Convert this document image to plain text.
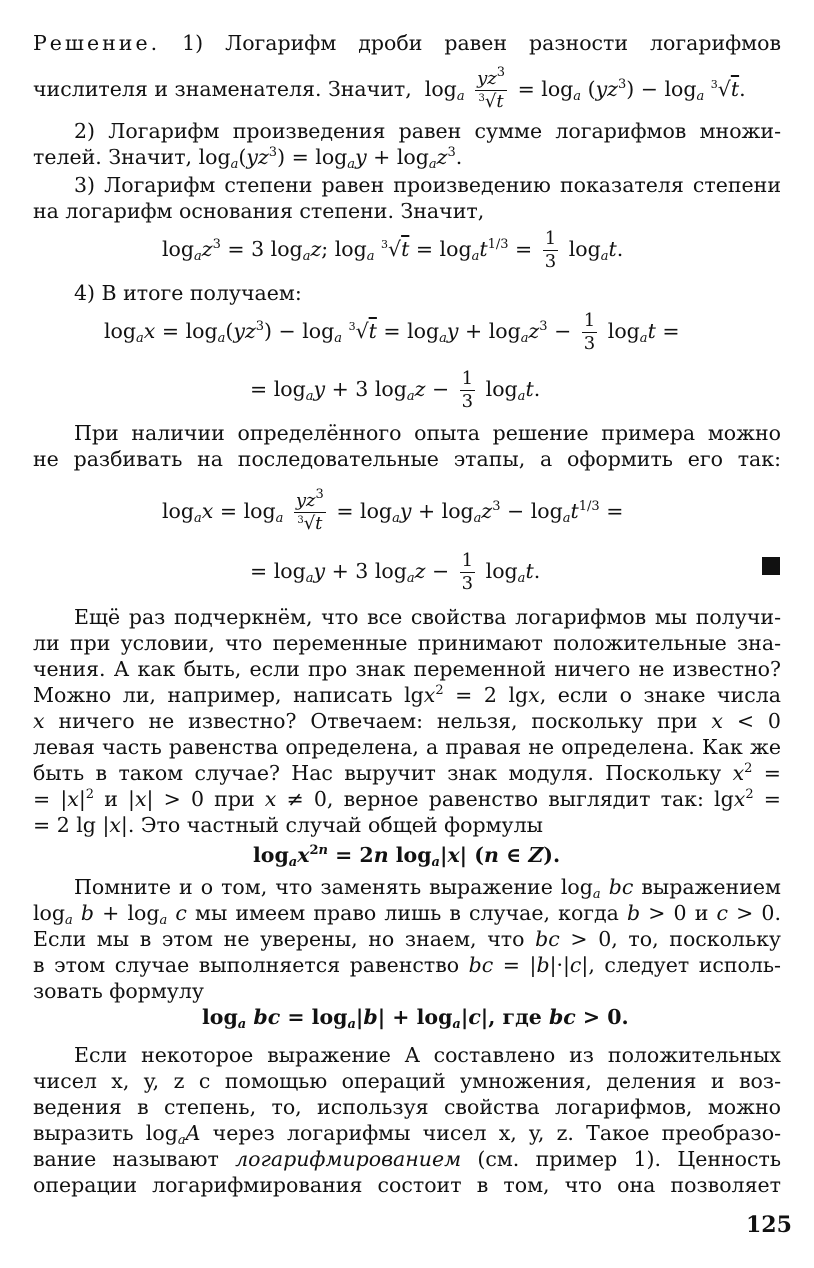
Решение. 1) Логарифм дроби равен разности логарифмов
числителя и знаменателя. Значит,  $\log_a \frac{yz^3}{^3√t} = \log_a (yz^3) - \log_a ^3√t$.
2) Логарифм произведения равен сумме логарифмов множи-
телей. Значит, $\log_a(yz^3) = \log_ay + \log_az^3$.
3) Логарифм степени равен произведению показателя степени
на логарифм основания степени. Значит,
$\log_az^3 = 3$ $\log_az$; $\log_a ^3√t = \log_at^{1/3} = \frac{1}{3} \log_at$.
4) В итоге получаем:
$\log_ax = \log_a(yz^3) - \log_a ^3√t = \log_ay + \log_az^3 - \frac{1}{3} \log_at$ =
= $\log_ay + 3$ $\log_az - \frac{1}{3} \log_at$.
При наличии определённого опыта решение примера можно
не разбивать на последовательные этапы, а оформить его так:
$\log_ax = \log_a \frac{yz^3}{^3√t} = \log_ay + \log_az^3 - \log_at^{1/3}$ =
= $\log_ay + 3$ $\log_az - \frac{1}{3} \log_at$.
Ещё раз подчеркнём, что все свойства логарифмов мы получи-
ли при условии, что переменные принимают положительные зна-
чения. А как быть, если про знак переменной ничего не известно?
Можно ли, например, написать lgx$^2$ = 2 lgx, если о знаке числа
x ничего не известно? Отвечаем: нельзя, поскольку при x < 0
левая часть равенства определена, а правая не определена. Как же
быть в таком случае? Нас выручит знак модуля. Поскольку $x^2$ =
= $|x|^2$ и |x| > 0 при x ≠ 0, верное равенство выглядит так: lgx$^2$ =
= 2 lg |x|. Это частный случай общей формулы
$\log_ax^{2n} = 2n$ $\log_a|x|$ (n ∈ Z).
Помните и о том, что заменять выражение $\log_a$ bc выражением
$\log_a b + \log_a c$ мы имеем право лишь в случае, когда b > 0 и c > 0.
Если мы в этом не уверены, но знаем, что bc > 0, то, поскольку
в этом случае выполняется равенство bc = |b|·|c|, следует исполь-
зовать формулу
$\log_a$ bc = $\log_a|b| + \log_a|c|$, где bc > 0.
Если некоторое выражение A составлено из положительных
чисел x, y, z с помощью операций умножения, деления и воз-
ведения в степень, то, используя свойства логарифмов, можно
выразить $\log_aA$ через логарифмы чисел x, y, z. Такое преобразо-
вание называют логарифмированием (см. пример 1). Ценность
операции логарифмирования состоит в том, что она позволяет
125
